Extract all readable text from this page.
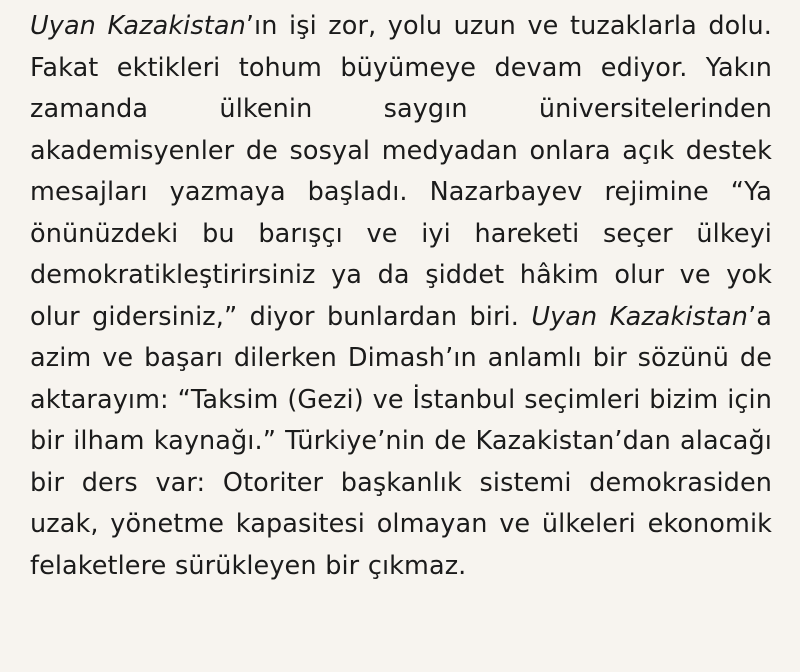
Uyan Kazakistan’ın işi zor, yolu uzun ve tuzaklarla dolu. Fakat ektikleri tohum büyümeye devam ediyor. Yakın zamanda ülkenin saygın üniversitelerinden akademisyenler de sosyal medyadan onlara açık destek mesajları yazmaya başladı. Nazarbayev rejimine “Ya önünüzdeki bu barışçı ve iyi hareketi seçer ülkeyi demokratikleştirirsiniz ya da şiddet hâkim olur ve yok olur gidersiniz,” diyor bunlardan biri. Uyan Kazakistan’a azim ve başarı dilerken Dimash’ın anlamlı bir sözünü de aktarayım: “Taksim (Gezi) ve İstanbul seçimleri bizim için bir ilham kaynağı.” Türkiye’nin de Kazakistan’dan alacağı bir ders var: Otoriter başkanlık sistemi demokrasiden uzak, yönetme kapasitesi olmayan ve ülkeleri ekonomik felaketlere sürükleyen bir çıkmaz.
